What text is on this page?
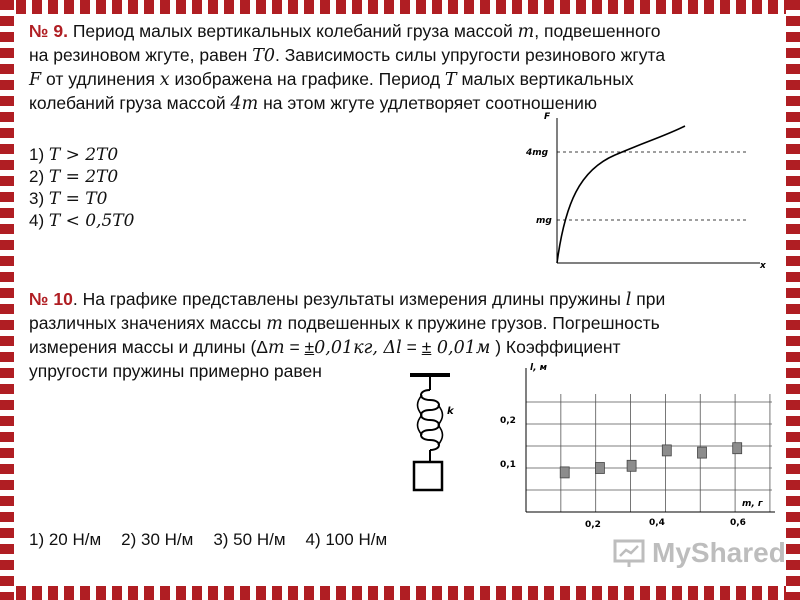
№ 9. Период малых вертикальных колебаний груза массой m, подвешенного
на резиновом жгуте, равен T0. Зависимость силы упругости резинового жгута
F от удлинения x изображена на графике. Период T малых вертикальных
колебаний груза массой 4m на этом жгуте удлетворяет соотношению
1) T > 2T0
2) T = 2T0
3) T = T0
4) T < 0,5T0
F
x
4mg
mg
№ 10. На графике представлены результаты измерения длины пружины l при
различных значениях массы m подвешенных к пружине грузов. Погрешность
измерения массы и длины (Δm = ±0,01кг, Δl = ± 0,01м ) Коэффициент
упругости пружины примерно равен
k
l, м
m, г
0,2	0,4	0,6
0,1
0,2
1) 20 Н/м 2) 30 Н/м 3) 50 Н/м 4) 100 Н/м	MyShared
